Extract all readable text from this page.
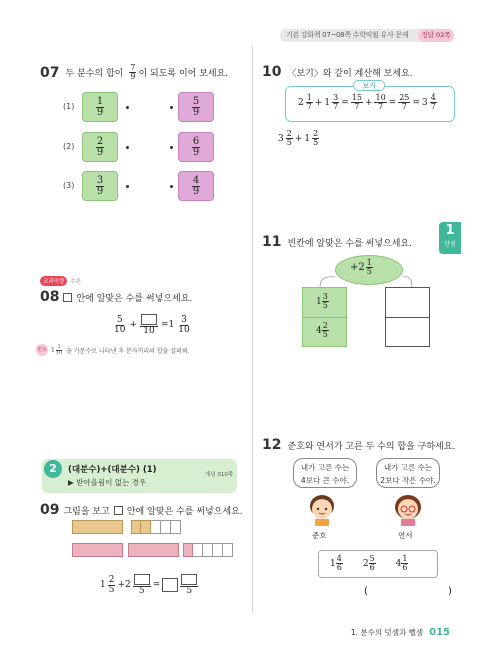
기본 강화책 07~08쪽 수학익힘 유사 문제	정답 02쪽
1
단원
07 두 분수의 합이 $\frac{7}{9}$ 이 되도록 이어 보세요.
$(1) \frac{1}{9}$	$\frac{5}{9}$
$(2) \frac{2}{9}$	$\frac{6}{9}$
$(3) \frac{3}{9}$	$\frac{4}{9}$
교과역량	추론
08 안에 알맞은 수를 써넣으세요.
$\frac{5}{10}$ +
10
$=1 \frac{3}{10}$
힌트 $1 \frac{3}{10}$ 을 가분수로 나타낸 후 분자끼리의 합을 살펴봐.
2	(대분수)+(대분수) (1)
▶ 받아올림이 없는 경우
개념 010쪽
09 그림을 보고 안에 알맞은 수를 써넣으세요.
$1 \frac{2}{5} +2$
5
=
5
10 〈보기〉와 같이 계산해 보세요.
보기
$2 \frac{1}{7} + 1 \frac{3}{7} = \frac{15}{7} + \frac{10}{7} = \frac{25}{7} = 3 \frac{4}{7}$
$3 \frac{2}{5} + 1 \frac{2}{5}$
11 빈칸에 알맞은 수를 써넣으세요.
$+2 \frac{1}{5}$
$1 \frac{3}{5}$
$4 \frac{2}{5}$
12 준호와 연서가 고른 두 수의 합을 구하세요.
내가 고른 수는
4보다 큰 수야.
내가 고른 수는
2보다 작은 수야.
준호	연서
$1 \frac{4}{6} 2 \frac{5}{6} 4 \frac{1}{6}$
(	)
1. 분수의 덧셈과 뺄셈 015
